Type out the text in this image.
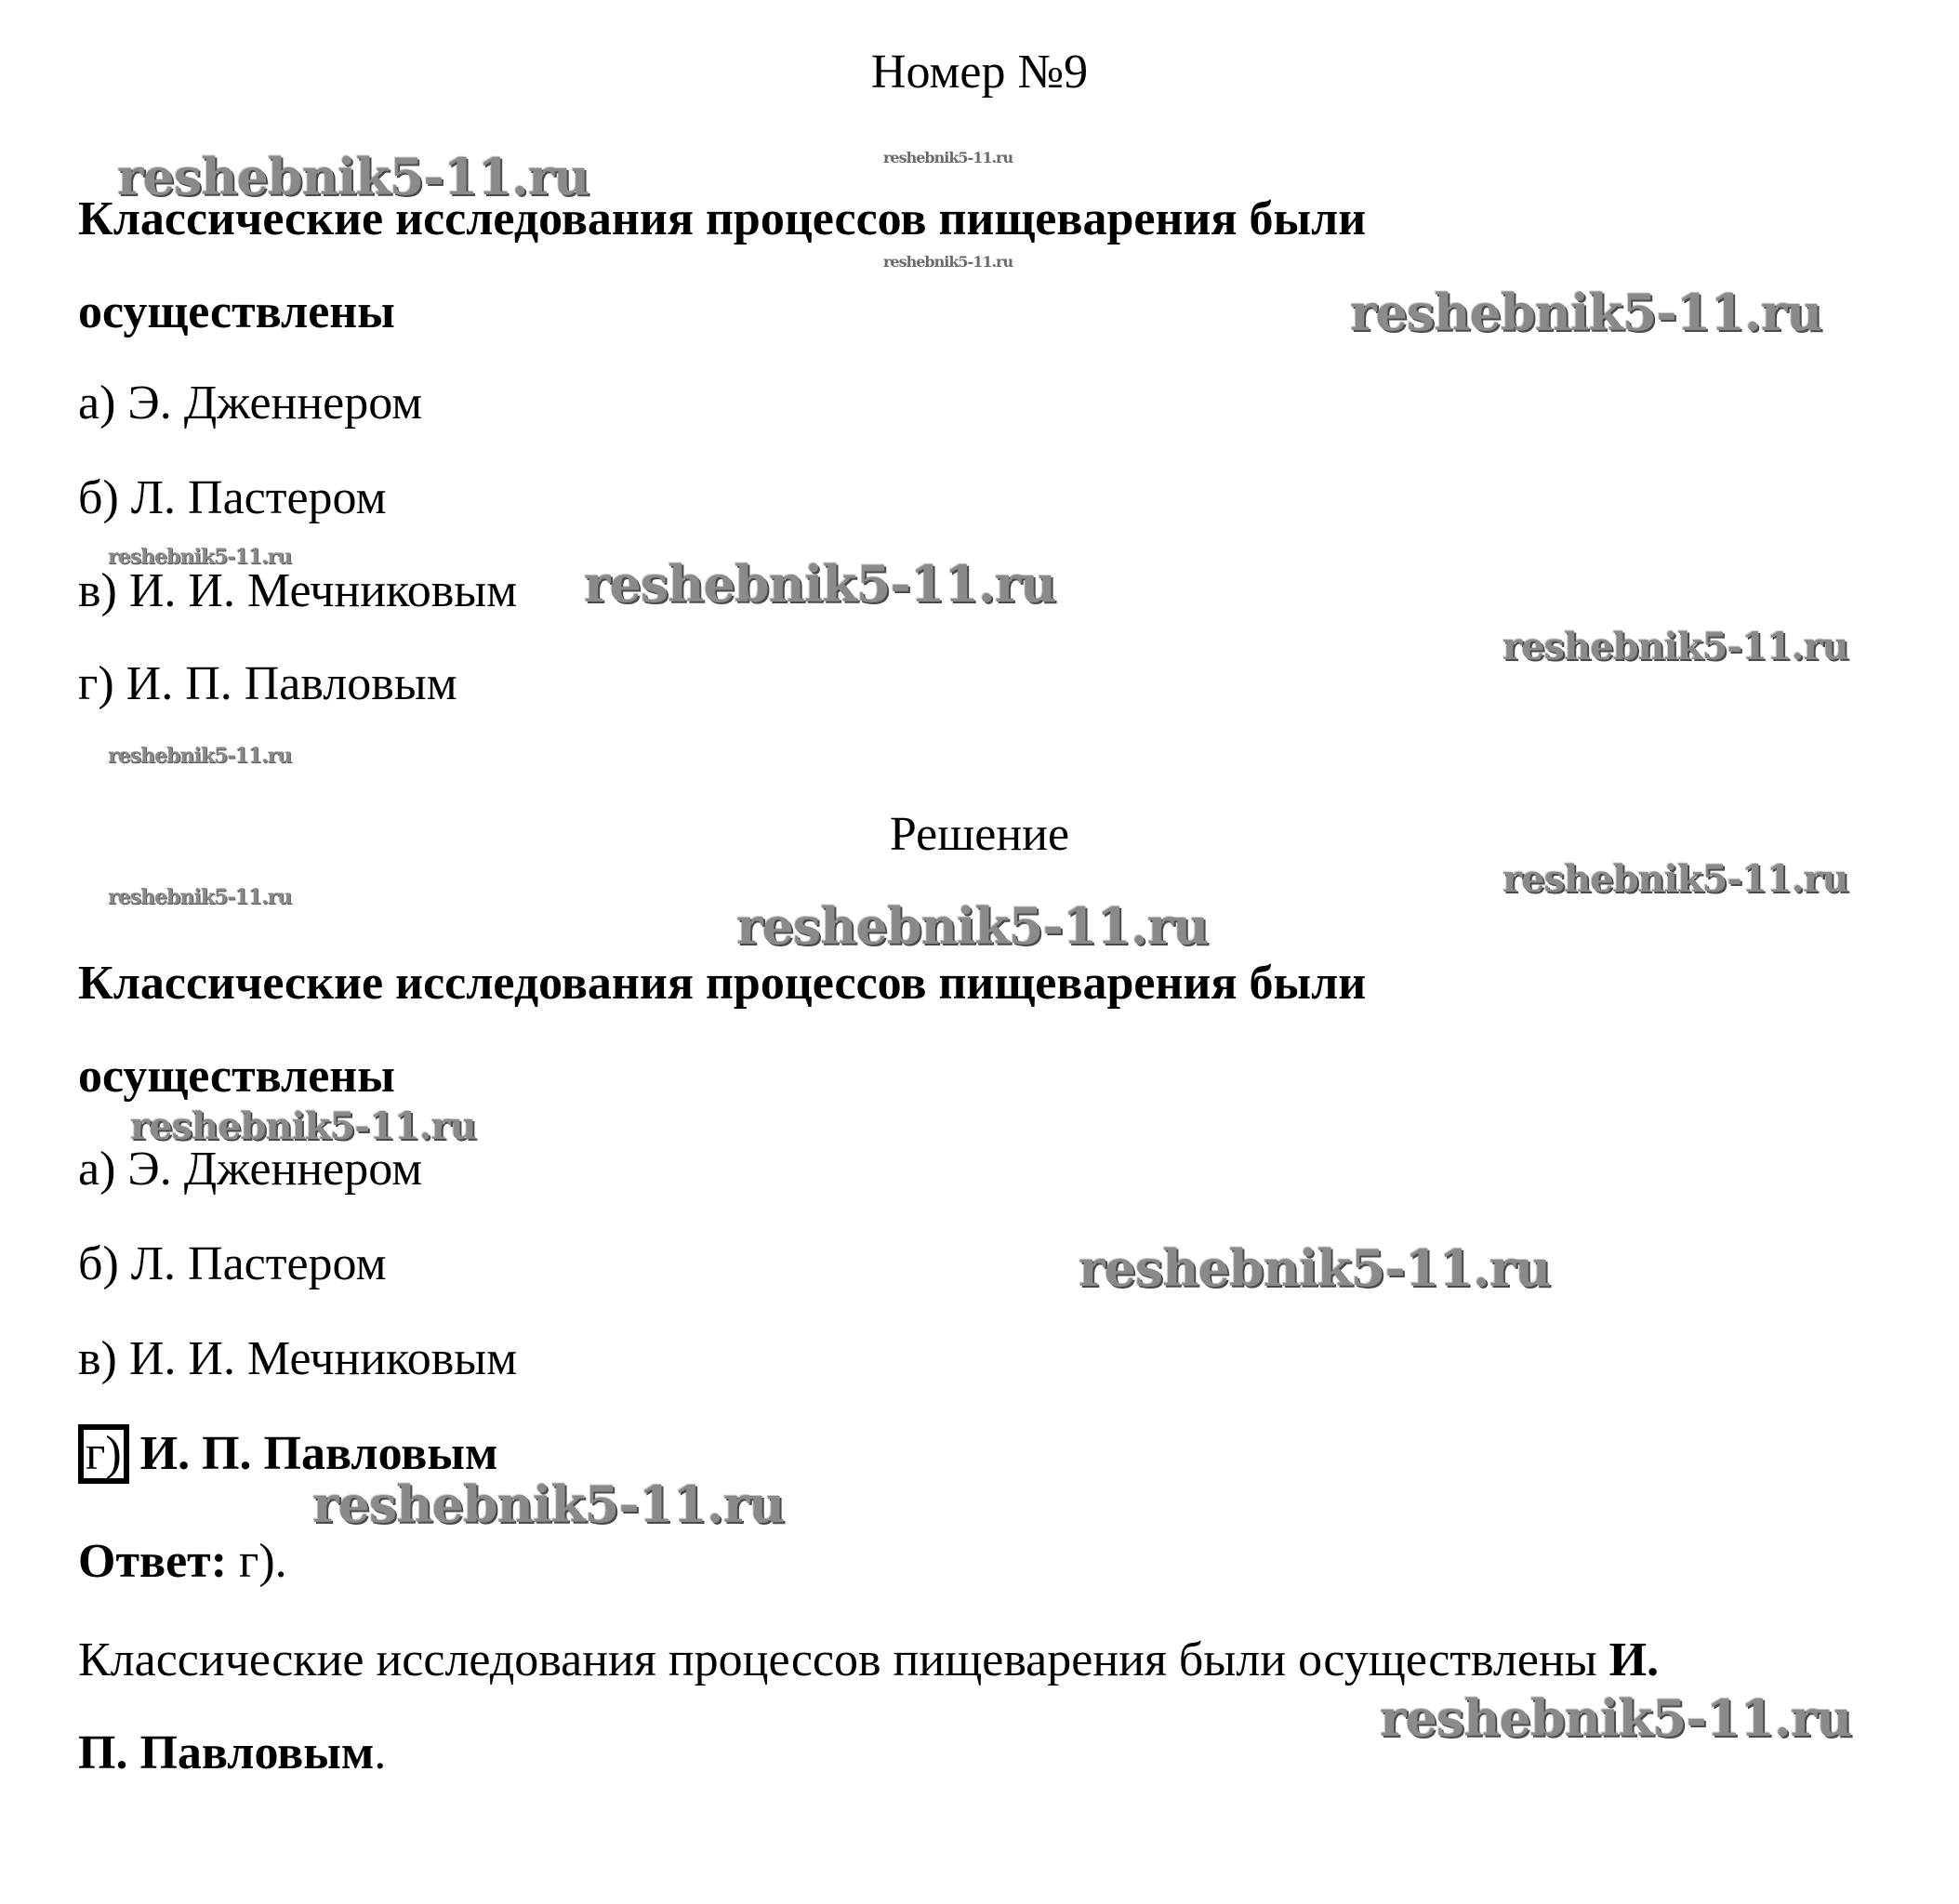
Номер №9

Классические исследования процессов пищеварения были

осуществлены

а) Э. Дженнером

б) Л. Пастером

в) И. И. Мечниковым

г) И. П. Павловым

Решение

Классические исследования процессов пищеварения были

осуществлены

а) Э. Дженнером

б) Л. Пастером

в) И. И. Мечниковым

г) И. П. Павловым

Ответ: г).

Классические исследования процессов пищеварения были осуществлены И.

П. Павловым.

reshebnik5-11.ru	reshebnik5-11.ru
reshebnik5-11.ru
reshebnik5-11.ru
reshebnik5-11.ru	reshebnik5-11.ru
reshebnik5-11.ru
reshebnik5-11.ru
reshebnik5-11.ru
reshebnik5-11.ru	reshebnik5-11.ru
reshebnik5-11.ru
reshebnik5-11.ru
reshebnik5-11.ru
reshebnik5-11.ru
